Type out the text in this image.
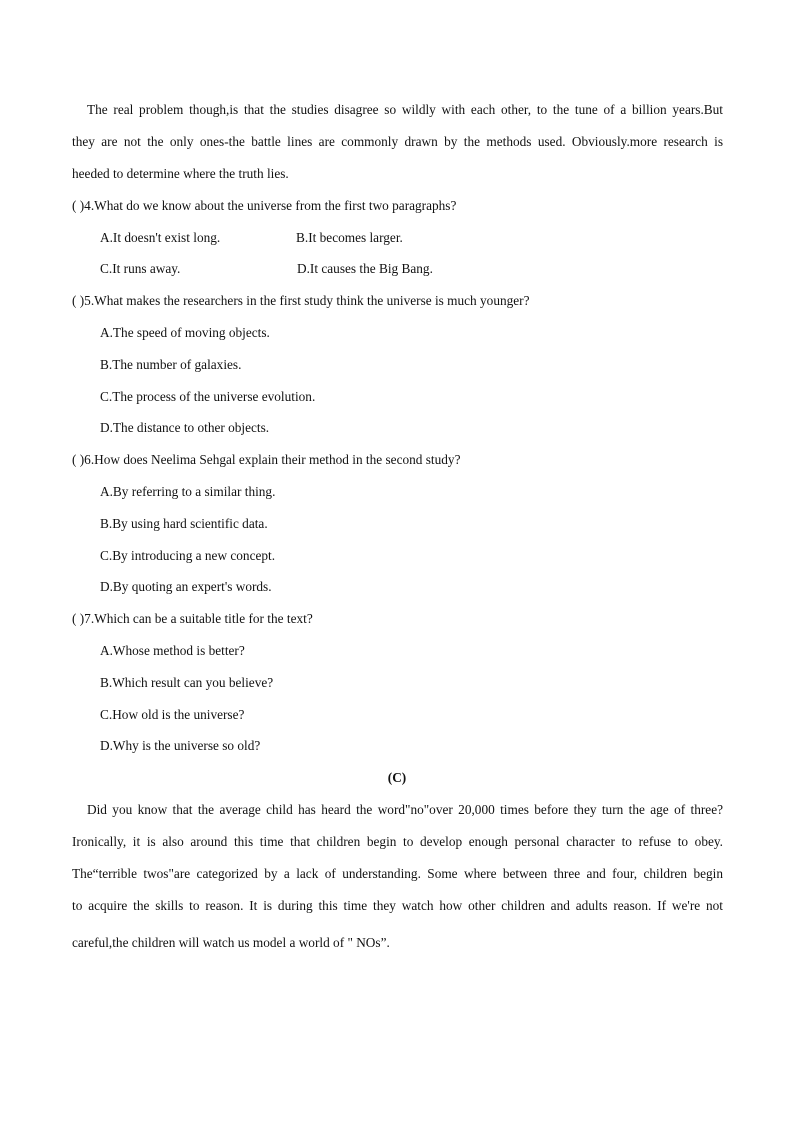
The real problem though,is that the studies disagree so wildly with each other, to the tune of a billion years.But
they are not the only ones-the battle lines are commonly drawn by the methods used. Obviously.more research is
heeded to determine where the truth lies.
( )4.What do we know about the universe from the first two paragraphs?
A.It doesn't exist long.	B.It becomes larger.
C.It runs away.	D.It causes the Big Bang.
( )5.What makes the researchers in the first study think the universe is much younger?
A.The speed of moving objects.
B.The number of galaxies.
C.The process of the universe evolution.
D.The distance to other objects.
( )6.How does Neelima Sehgal explain their method in the second study?
A.By referring to a similar thing.
B.By using hard scientific data.
C.By introducing a new concept.
D.By quoting an expert's words.
( )7.Which can be a suitable title for the text?
A.Whose method is better?
B.Which result can you believe?
C.How old is the universe?
D.Why is the universe so old?
(C)
Did you know that the average child has heard the word"no"over 20,000 times before they turn the age of three?
Ironically, it is also around this time that children begin to develop enough personal character to refuse to obey.
The“terrible twos"are categorized by a lack of understanding. Some where between three and four, children begin
to acquire the skills to reason. It is during this time they watch how other children and adults reason. If we're not
careful,the children will watch us model a world of " NOs”.
